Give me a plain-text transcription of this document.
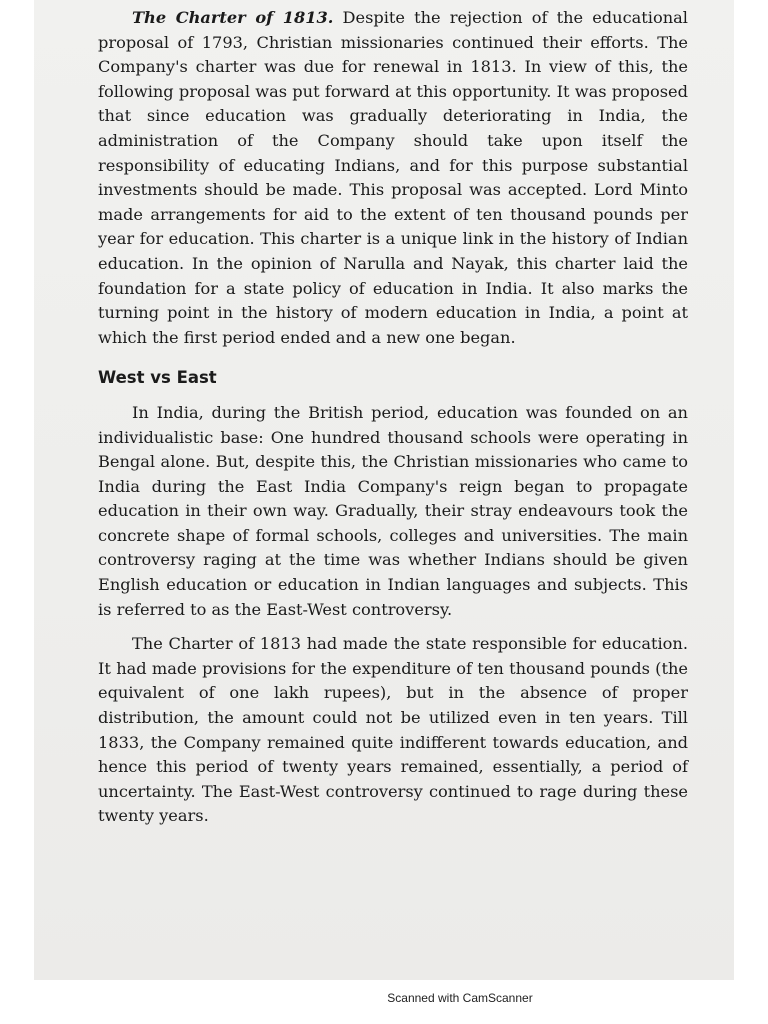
The Charter of 1813. Despite the rejection of the educational proposal of 1793, Christian missionaries continued their efforts. The Company's charter was due for renewal in 1813. In view of this, the following proposal was put forward at this opportunity. It was proposed that since education was gradually deteriorating in India, the administration of the Company should take upon itself the responsibility of educating Indians, and for this purpose substantial investments should be made. This proposal was accepted. Lord Minto made arrangements for aid to the extent of ten thousand pounds per year for education. This charter is a unique link in the history of Indian education. In the opinion of Narulla and Nayak, this charter laid the foundation for a state policy of education in India. It also marks the turning point in the history of modern education in India, a point at which the first period ended and a new one began.

West vs East

In India, during the British period, education was founded on an individualistic base: One hundred thousand schools were operating in Bengal alone. But, despite this, the Christian missionaries who came to India during the East India Company's reign began to propagate education in their own way. Gradually, their stray endeavours took the concrete shape of formal schools, colleges and universities. The main controversy raging at the time was whether Indians should be given English education or education in Indian languages and subjects. This is referred to as the East-West controversy.

The Charter of 1813 had made the state responsible for education. It had made provisions for the expenditure of ten thousand pounds (the equivalent of one lakh rupees), but in the absence of proper distribution, the amount could not be utilized even in ten years. Till 1833, the Company remained quite indifferent towards education, and hence this period of twenty years remained, essentially, a period of uncertainty. The East-West controversy continued to rage during these twenty years.

Scanned with CamScanner
